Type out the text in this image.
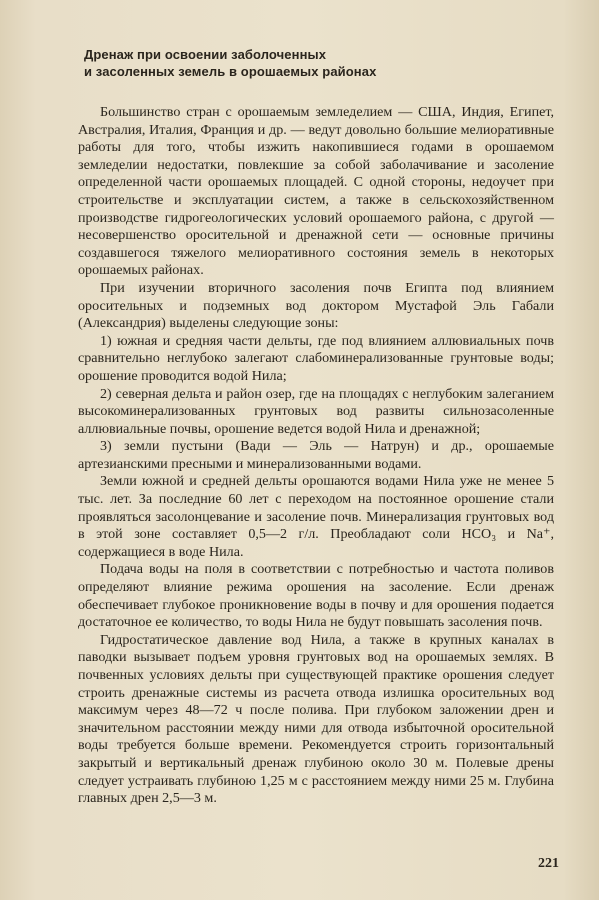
Дренаж при освоении заболоченных
и засоленных земель в орошаемых районах

Большинство стран с орошаемым земледелием — США, Индия, Египет, Австралия, Италия, Франция и др. — ведут довольно большие мелиоративные работы для того, чтобы изжить накопившиеся годами в орошаемом земледелии недостатки, повлекшие за собой заболачивание и засоление определенной части орошаемых площадей. С одной стороны, недоучет при строительстве и эксплуатации систем, а также в сельскохозяйственном производстве гидрогеологических условий орошаемого района, с другой — несовершенство оросительной и дренажной сети — основные причины создавшегося тяжелого мелиоративного состояния земель в некоторых орошаемых районах.

При изучении вторичного засоления почв Египта под влиянием оросительных и подземных вод доктором Мустафой Эль Габали (Александрия) выделены следующие зоны:

1) южная и средняя части дельты, где под влиянием аллювиальных почв сравнительно неглубоко залегают слабоминерализованные грунтовые воды; орошение проводится водой Нила;

2) северная дельта и район озер, где на площадях с неглубоким залеганием высокоминерализованных грунтовых вод развиты сильнозасоленные аллювиальные почвы, орошение ведется водой Нила и дренажной;

3) земли пустыни (Вади — Эль — Натрун) и др., орошаемые артезианскими пресными и минерализованными водами.

Земли южной и средней дельты орошаются водами Нила уже не менее 5 тыс. лет. За последние 60 лет с переходом на постоянное орошение стали проявляться засолонцевание и засоление почв. Минерализация грунтовых вод в этой зоне составляет 0,5—2 г/л. Преобладают соли НСО₃ и Na⁺, содержащиеся в воде Нила.

Подача воды на поля в соответствии с потребностью и частота поливов определяют влияние режима орошения на засоление. Если дренаж обеспечивает глубокое проникновение воды в почву и для орошения подается достаточное ее количество, то воды Нила не будут повышать засоления почв.

Гидростатическое давление вод Нила, а также в крупных каналах в паводки вызывает подъем уровня грунтовых вод на орошаемых землях. В почвенных условиях дельты при существующей практике орошения следует строить дренажные системы из расчета отвода излишка оросительных вод максимум через 48—72 ч после полива. При глубоком заложении дрен и значительном расстоянии между ними для отвода избыточной оросительной воды требуется больше времени. Рекомендуется строить горизонтальный закрытый и вертикальный дренаж глубиною около 30 м. Полевые дрены следует устраивать глубиною 1,25 м с расстоянием между ними 25 м. Глубина главных дрен 2,5—3 м.

221
